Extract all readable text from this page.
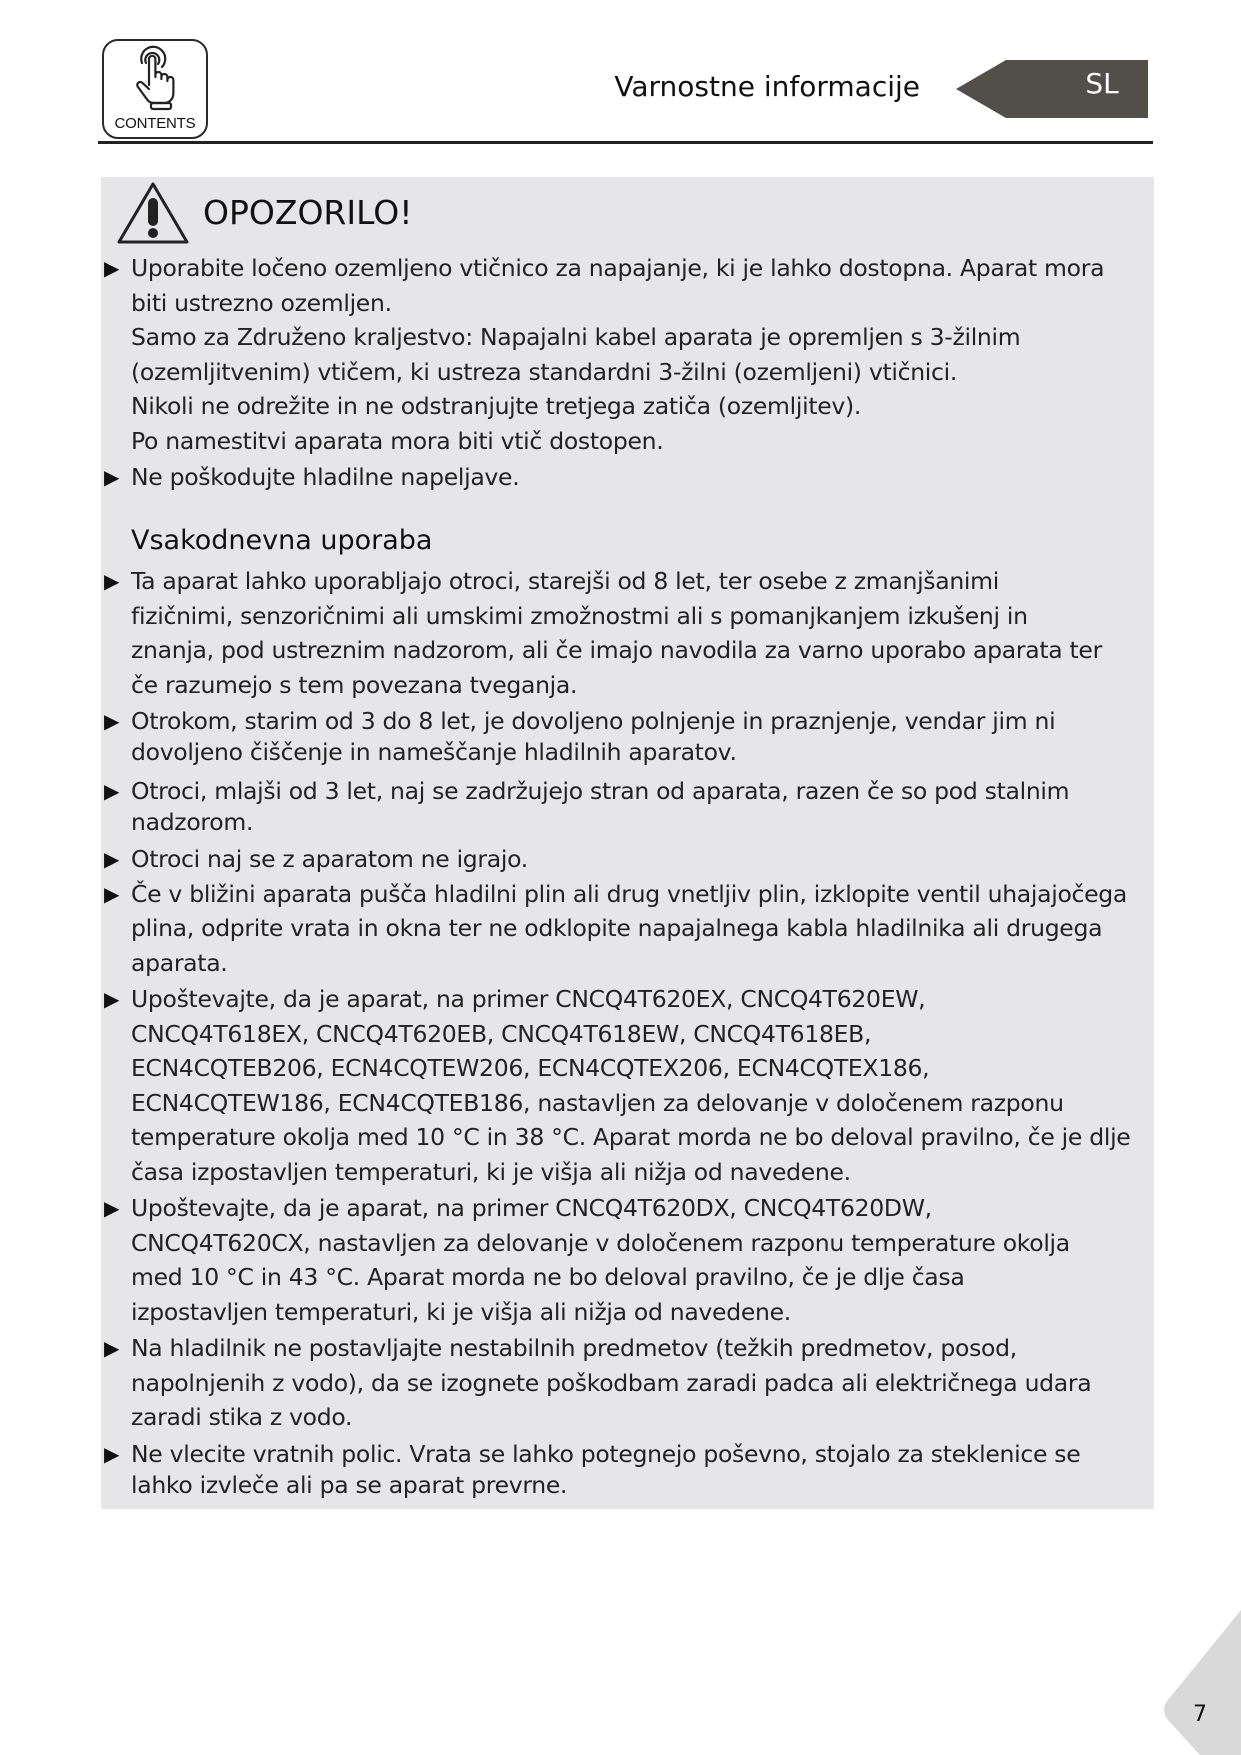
CONTENTS
Varnostne informacije	SL
OPOZORILO!
▶ Uporabite ločeno ozemljeno vtičnico za napajanje, ki je lahko dostopna. Aparat mora
biti ustrezno ozemljen.
Samo za Združeno kraljestvo: Napajalni kabel aparata je opremljen s 3-žilnim
(ozemljitvenim) vtičem, ki ustreza standardni 3-žilni (ozemljeni) vtičnici.
Nikoli ne odrežite in ne odstranjujte tretjega zatiča (ozemljitev).
Po namestitvi aparata mora biti vtič dostopen.
▶ Ne poškodujte hladilne napeljave.
Vsakodnevna uporaba
▶ Ta aparat lahko uporabljajo otroci, starejši od 8 let, ter osebe z zmanjšanimi
fizičnimi, senzoričnimi ali umskimi zmožnostmi ali s pomanjkanjem izkušenj in
znanja, pod ustreznim nadzorom, ali če imajo navodila za varno uporabo aparata ter
če razumejo s tem povezana tveganja.
▶ Otrokom, starim od 3 do 8 let, je dovoljeno polnjenje in praznjenje, vendar jim ni
dovoljeno čiščenje in nameščanje hladilnih aparatov.
▶ Otroci, mlajši od 3 let, naj se zadržujejo stran od aparata, razen če so pod stalnim
nadzorom.
▶ Otroci naj se z aparatom ne igrajo.
▶ Če v bližini aparata pušča hladilni plin ali drug vnetljiv plin, izklopite ventil uhajajočega
plina, odprite vrata in okna ter ne odklopite napajalnega kabla hladilnika ali drugega
aparata.
▶ Upoštevajte, da je aparat, na primer CNCQ4T620EX, CNCQ4T620EW,
CNCQ4T618EX, CNCQ4T620EB, CNCQ4T618EW, CNCQ4T618EB,
ECN4CQTEB206, ECN4CQTEW206, ECN4CQTEX206, ECN4CQTEX186,
ECN4CQTEW186, ECN4CQTEB186, nastavljen za delovanje v določenem razponu
temperature okolja med 10 °C in 38 °C. Aparat morda ne bo deloval pravilno, če je dlje
časa izpostavljen temperaturi, ki je višja ali nižja od navedene.
▶ Upoštevajte, da je aparat, na primer CNCQ4T620DX, CNCQ4T620DW,
CNCQ4T620CX, nastavljen za delovanje v določenem razponu temperature okolja
med 10 °C in 43 °C. Aparat morda ne bo deloval pravilno, če je dlje časa
izpostavljen temperaturi, ki je višja ali nižja od navedene.
▶ Na hladilnik ne postavljajte nestabilnih predmetov (težkih predmetov, posod,
napolnjenih z vodo), da se izognete poškodbam zaradi padca ali električnega udara
zaradi stika z vodo.
▶ Ne vlecite vratnih polic. Vrata se lahko potegnejo poševno, stojalo za steklenice se
lahko izvleče ali pa se aparat prevrne.
7
